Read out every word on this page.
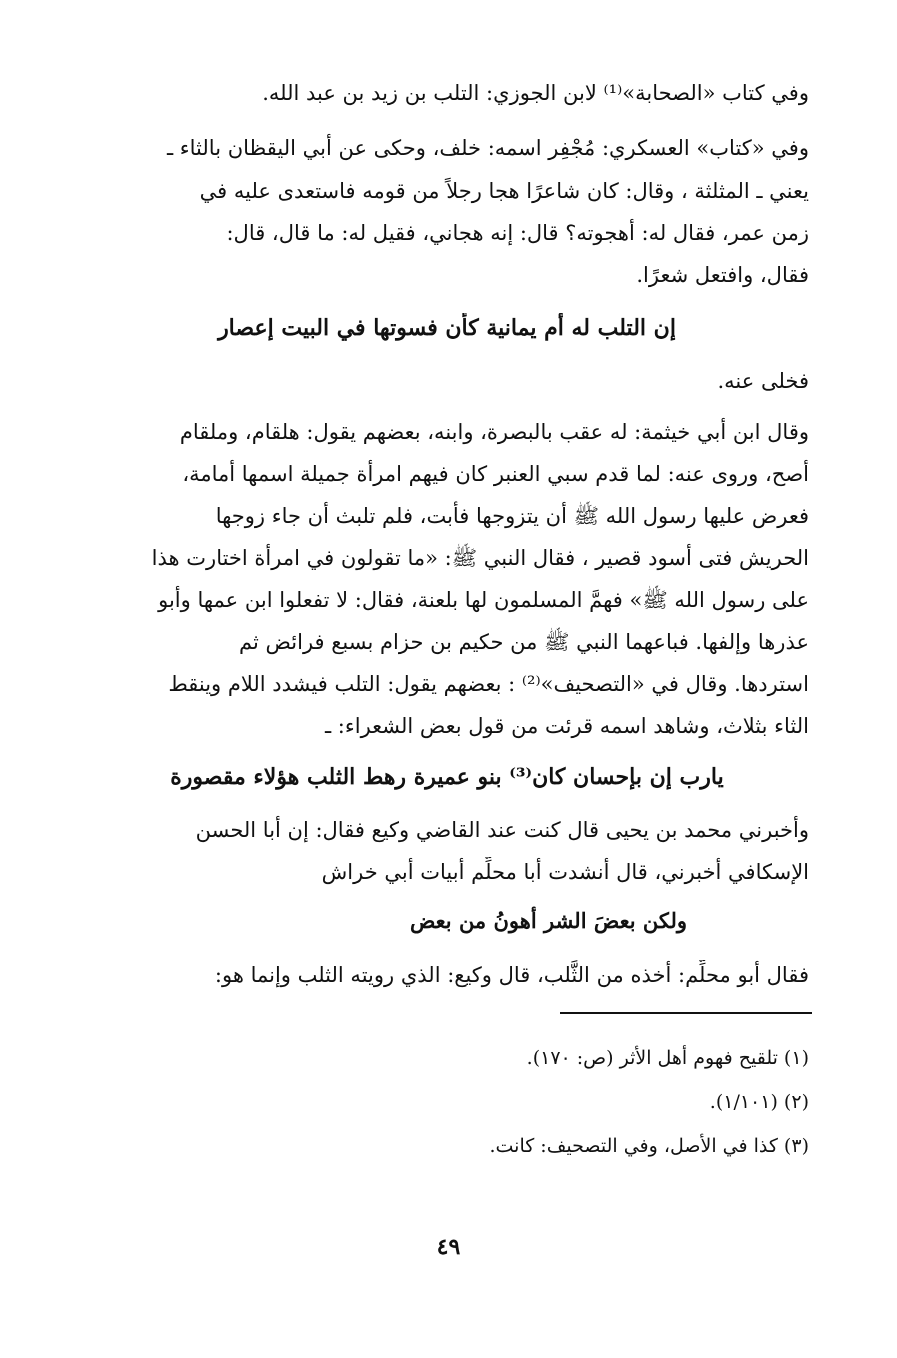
وفي كتاب «الصحابة»⁽¹⁾ لابن الجوزي: التلب بن زيد بن عبد الله.
وفي «كتاب» العسكري: مُجْفِر اسمه: خلف، وحكى عن أبي اليقظان بالثاء ـ
يعني ـ المثلثة ، وقال: كان شاعرًا هجا رجلاً من قومه فاستعدى عليه في
زمن عمر، فقال له: أهجوته؟ قال: إنه هجاني، فقيل له: ما قال، قال:
فقال، وافتعل شعرًا.
إن التلب له أم يمانية كأن فسوتها في البيت إعصار
فخلى عنه.
وقال ابن أبي خيثمة: له عقب بالبصرة، وابنه، بعضهم يقول: هلقام، وملقام
أصح، وروى عنه: لما قدم سبي العنبر كان فيهم امرأة جميلة اسمها أمامة،
فعرض عليها رسول الله ﷺ أن يتزوجها فأبت، فلم تلبث أن جاء زوجها
الحريش فتى أسود قصير ، فقال النبي ﷺ: «ما تقولون في امرأة اختارت هذا
على رسول الله ﷺ» فهمَّ المسلمون لها بلعنة، فقال: لا تفعلوا ابن عمها وأبو
عذرها وإلفها. فباعهما النبي ﷺ من حكيم بن حزام بسبع فرائض ثم
استردها. وقال في «التصحيف»⁽²⁾ : بعضهم يقول: التلب فيشدد اللام وينقط
الثاء بثلاث، وشاهد اسمه قرئت من قول بعض الشعراء: ـ
يارب إن بإحسان كان⁽³⁾ بنو عميرة رهط الثلب هؤلاء مقصورة
وأخبرني محمد بن يحيى قال كنت عند القاضي وكيع فقال: إن أبا الحسن
الإسكافي أخبرني، قال أنشدت أبا محلِّم أبيات أبي خراش
ولكن بعضَ الشر أهونُ من بعض
فقال أبو محلِّم: أخذه من الثَّلب، قال وكيع: الذي رويته الثلب وإنما هو:
(١) تلقيح فهوم أهل الأثر (ص: ١٧٠).
(٢) (١/١٠١).
(٣) كذا في الأصل، وفي التصحيف: كانت.
٤٩
